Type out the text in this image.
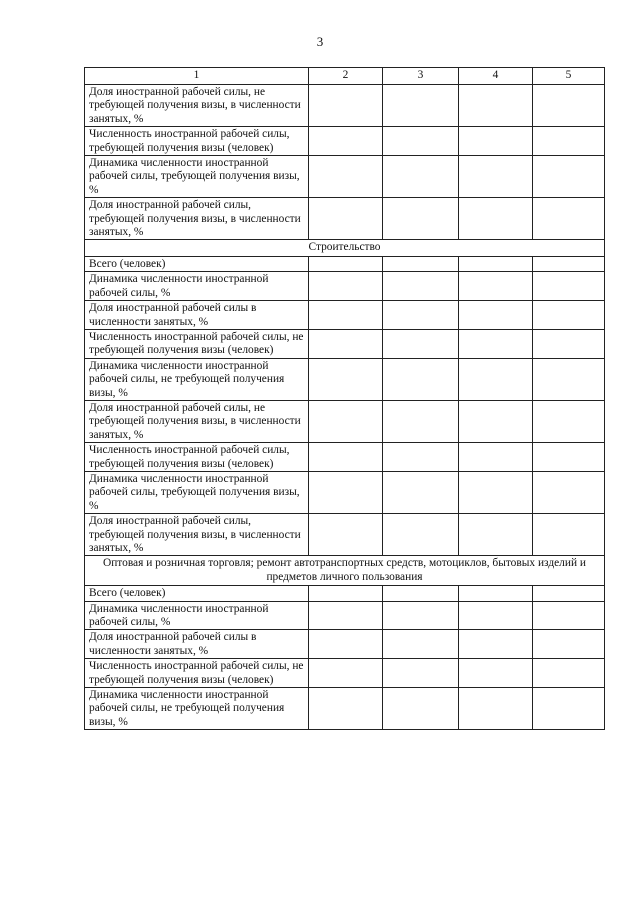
3
1	2	3	4	5
Доля иностранной рабочей силы, не требующей получения визы, в численности занятых, %				
Численность иностранной рабочей силы, требующей получения визы (человек)				
Динамика численности иностранной рабочей силы, требующей получения визы, %				
Доля иностранной рабочей силы, требующей получения визы, в численности занятых, %				
Строительство				
Всего (человек)				
Динамика численности иностранной рабочей силы, %				
Доля иностранной рабочей силы в численности занятых, %				
Численность иностранной рабочей силы, не требующей получения визы (человек)				
Динамика численности иностранной рабочей силы, не требующей получения визы, %				
Доля иностранной рабочей силы, не требующей получения визы, в численности занятых, %				
Численность иностранной рабочей силы, требующей получения визы (человек)				
Динамика численности иностранной рабочей силы, требующей получения визы, %				
Доля иностранной рабочей силы, требующей получения визы, в численности занятых, %				
Оптовая и розничная торговля; ремонт автотранспортных средств, мотоциклов, бытовых изделий и предметов личного пользования				
Всего (человек)				
Динамика численности иностранной рабочей силы, %				
Доля иностранной рабочей силы в численности занятых, %				
Численность иностранной рабочей силы, не требующей получения визы (человек)				
Динамика численности иностранной рабочей силы, не требующей получения визы, %				
